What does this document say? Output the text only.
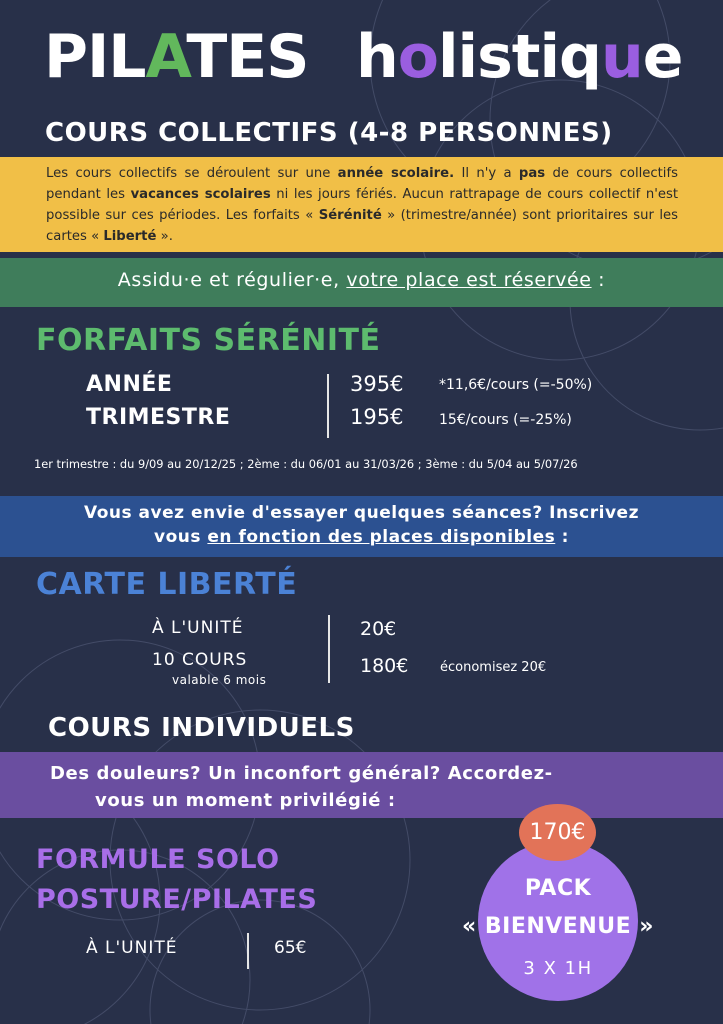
PILATES holistique
COURS COLLECTIFS (4-8 PERSONNES)
Les cours collectifs se déroulent sur une année scolaire. Il n'y a pas de cours collectifs pendant les vacances scolaires ni les jours fériés. Aucun rattrapage de cours collectif n'est possible sur ces périodes. Les forfaits « Sérénité » (trimestre/année) sont prioritaires sur les cartes « Liberté ».
Assidu·e et régulier·e, votre place est réservée :
FORFAITS SÉRÉNITÉ
ANNÉE
TRIMESTRE
395€
195€
*11,6€/cours (=-50%)
15€/cours (=-25%)
1er trimestre : du 9/09 au 20/12/25 ; 2ème : du 06/01 au 31/03/26 ; 3ème : du 5/04 au 5/07/26
Vous avez envie d'essayer quelques séances? Inscrivez
vous en fonction des places disponibles :
CARTE LIBERTÉ
À L'UNITÉ
10 COURS
valable 6 mois
20€
180€ économisez 20€
COURS INDIVIDUELS
Des douleurs? Un inconfort général? Accordez-
vous un moment privilégié :
FORMULE SOLO
POSTURE/PILATES
À L'UNITÉ	65€
170€
PACK
« BIENVENUE »
3 X 1H
